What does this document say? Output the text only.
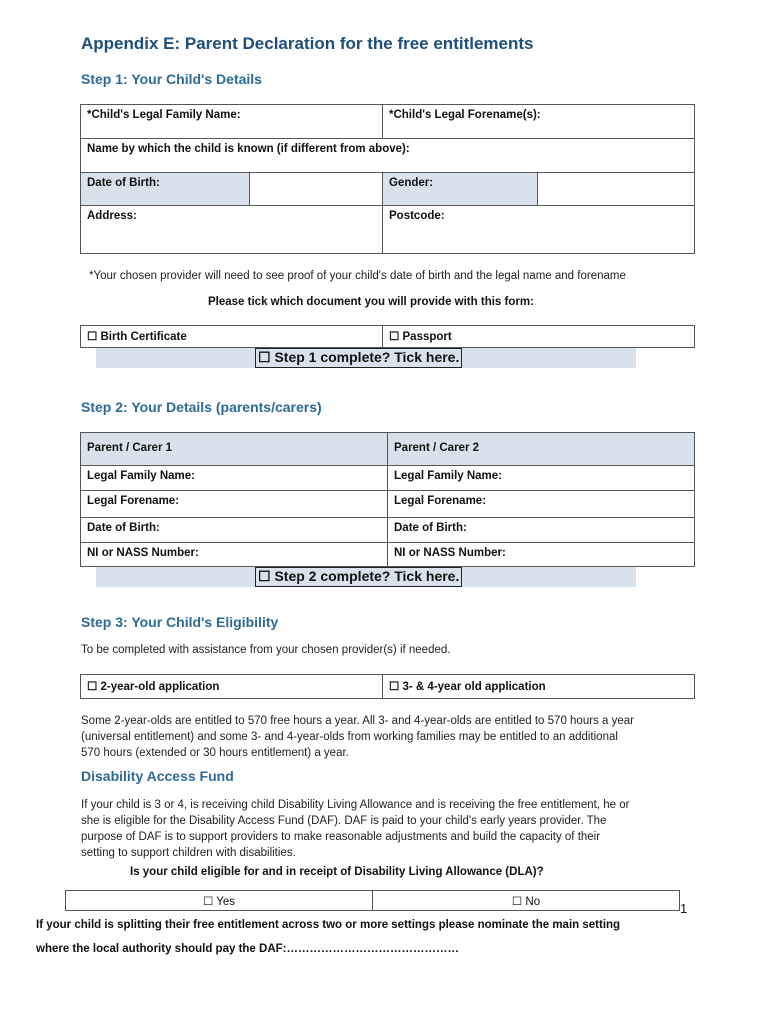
Appendix E: Parent Declaration for the free entitlements
Step 1: Your Child's Details
*Child's Legal Family Name:		*Child's Legal Forename(s):	
Name by which the child is known (if different from above):			
Date of Birth:		Gender:	
Address:		Postcode:	
*Your chosen provider will need to see proof of your child's date of birth and the legal name and forename
Please tick which document you will provide with this form:
☐ Birth Certificate	☐ Passport
☐ Step 1 complete? Tick here.
Step 2: Your Details (parents/carers)
Parent / Carer 1	Parent / Carer 2
Legal Family Name:	Legal Family Name:
Legal Forename:	Legal Forename:
Date of Birth:	Date of Birth:
NI or NASS Number:	NI or NASS Number:
☐ Step 2 complete? Tick here.
Step 3: Your Child's Eligibility
To be completed with assistance from your chosen provider(s) if needed.
☐ 2-year-old application	☐ 3- & 4-year old application
Some 2-year-olds are entitled to 570 free hours a year. All 3- and 4-year-olds are entitled to 570 hours a year
(universal entitlement) and some 3- and 4-year-olds from working families may be entitled to an additional
570 hours (extended or 30 hours entitlement) a year.
Disability Access Fund
If your child is 3 or 4, is receiving child Disability Living Allowance and is receiving the free entitlement, he or
she is eligible for the Disability Access Fund (DAF). DAF is paid to your child's early years provider. The
purpose of DAF is to support providers to make reasonable adjustments and build the capacity of their
setting to support children with disabilities.
Is your child eligible for and in receipt of Disability Living Allowance (DLA)?
☐ Yes	☐ No	1
If your child is splitting their free entitlement across two or more settings please nominate the main setting
where the local authority should pay the DAF:………………………………………
